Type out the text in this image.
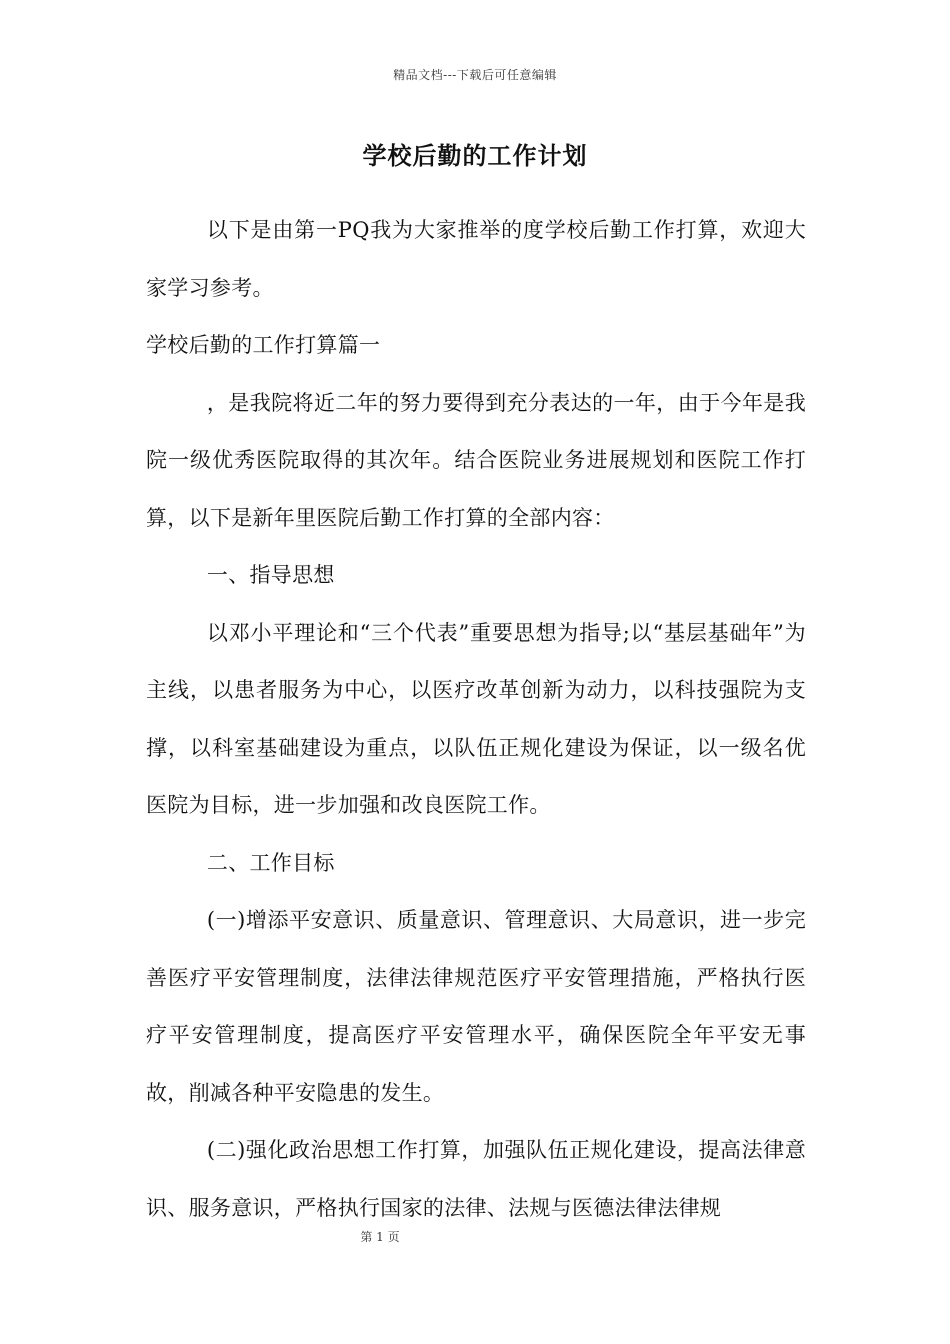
精品文档---下载后可任意编辑
学校后勤的工作计划

以下是由第一PQ我为大家推举的度学校后勤工作打算，欢迎大家学习参考。

学校后勤的工作打算篇一

，是我院将近二年的努力要得到充分表达的一年，由于今年是我院一级优秀医院取得的其次年。结合医院业务进展规划和医院工作打算，以下是新年里医院后勤工作打算的全部内容：

一、指导思想

以邓小平理论和“三个代表”重要思想为指导;以“基层基础年”为主线，以患者服务为中心，以医疗改革创新为动力，以科技强院为支撑，以科室基础建设为重点，以队伍正规化建设为保证，以一级名优医院为目标，进一步加强和改良医院工作。

二、工作目标

(一)增添平安意识、质量意识、管理意识、大局意识，进一步完善医疗平安管理制度，法律法律规范医疗平安管理措施，严格执行医疗平安管理制度，提高医疗平安管理水平，确保医院全年平安无事故，削减各种平安隐患的发生。

(二)强化政治思想工作打算，加强队伍正规化建设，提高法律意识、服务意识，严格执行国家的法律、法规与医德法律法律规

第 1 页
